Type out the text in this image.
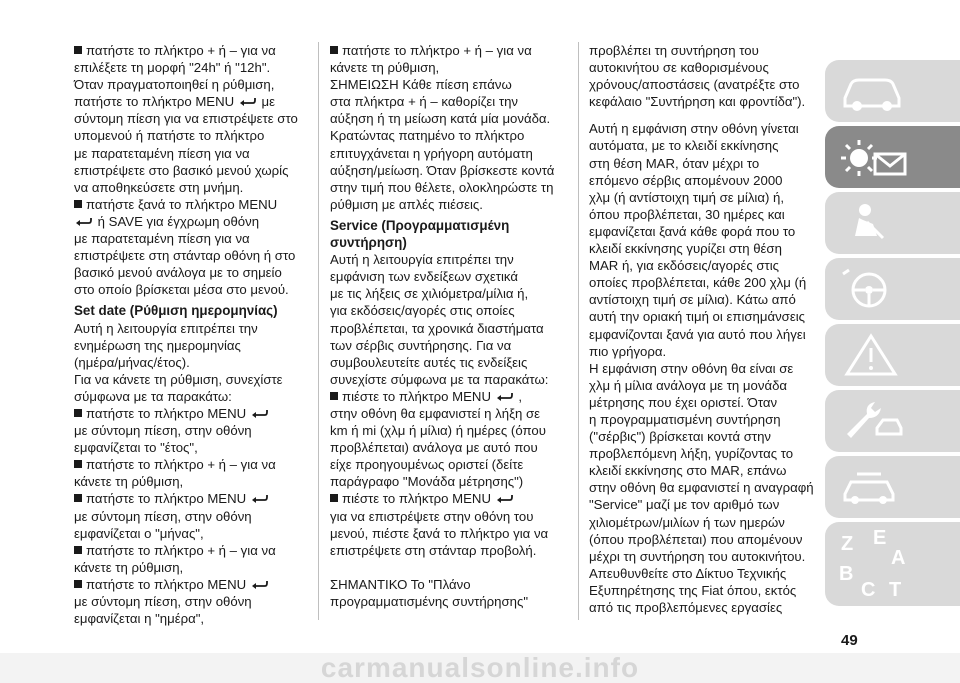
πατήστε το πλήκτρο + ή – για να

επιλέξετε τη μορφή "24h" ή "12h".

Όταν πραγματοποιηθεί η ρύθμιση,

πατήστε το πλήκτρο MENU με

σύντομη πίεση για να επιστρέψετε στο

υπομενού ή πατήστε το πλήκτρο

με παρατεταμένη πίεση για να

επιστρέψετε στο βασικό μενού χωρίς

να αποθηκεύσετε στη μνήμη.

πατήστε ξανά το πλήκτρο MENU

ή SAVE για έγχρωμη οθόνη

με παρατεταμένη πίεση για να

επιστρέψετε στη στάνταρ οθόνη ή στο

βασικό μενού ανάλογα με το σημείο

στο οποίο βρίσκεται μέσα στο μενού.

Set date (Ρύθμιση ημερομηνίας)

Αυτή η λειτουργία επιτρέπει την

ενημέρωση της ημερομηνίας

(ημέρα/μήνας/έτος).

Για να κάνετε τη ρύθμιση, συνεχίστε

σύμφωνα με τα παρακάτω:

πατήστε το πλήκτρο MENU

με σύντομη πίεση, στην οθόνη

εμφανίζεται το "έτος",

πατήστε το πλήκτρο + ή – για να

κάνετε τη ρύθμιση,

πατήστε το πλήκτρο MENU

με σύντομη πίεση, στην οθόνη

εμφανίζεται ο "μήνας",

πατήστε το πλήκτρο + ή – για να

κάνετε τη ρύθμιση,

πατήστε το πλήκτρο MENU

με σύντομη πίεση, στην οθόνη

εμφανίζεται η "ημέρα",

πατήστε το πλήκτρο + ή – για να

κάνετε τη ρύθμιση,

ΣΗΜΕΙΩΣΗ Κάθε πίεση επάνω

στα πλήκτρα + ή – καθορίζει την

αύξηση ή τη μείωση κατά μία μονάδα.

Κρατώντας πατημένο το πλήκτρο

επιτυγχάνεται η γρήγορη αυτόματη

αύξηση/μείωση. Όταν βρίσκεστε κοντά

στην τιμή που θέλετε, ολοκληρώστε τη

ρύθμιση με απλές πιέσεις.

Service (Προγραμματισμένη
συντήρηση)

Αυτή η λειτουργία επιτρέπει την

εμφάνιση των ενδείξεων σχετικά

με τις λήξεις σε χιλιόμετρα/μίλια ή,

για εκδόσεις/αγορές στις οποίες

προβλέπεται, τα χρονικά διαστήματα

των σέρβις συντήρησης. Για να

συμβουλευτείτε αυτές τις ενδείξεις

συνεχίστε σύμφωνα με τα παρακάτω:

πιέστε το πλήκτρο MENU ,

στην οθόνη θα εμφανιστεί η λήξη σε

km ή mi (χλμ ή μίλια) ή ημέρες (όπου

προβλέπεται) ανάλογα με αυτό που

είχε προηγουμένως οριστεί (δείτε

παράγραφο "Μονάδα μέτρησης")

πιέστε το πλήκτρο MENU

για να επιστρέψετε στην οθόνη του

μενού, πιέστε ξανά το πλήκτρο για να

επιστρέψετε στη στάνταρ προβολή.

ΣΗΜΑΝΤΙΚΟ Το "Πλάνο

προγραμματισμένης συντήρησης"

προβλέπει τη συντήρηση του

αυτοκινήτου σε καθορισμένους

χρόνους/αποστάσεις (ανατρέξτε στο

κεφάλαιο "Συντήρηση και φροντίδα").

Αυτή η εμφάνιση στην οθόνη γίνεται

αυτόματα, με το κλειδί εκκίνησης

στη θέση MAR, όταν μέχρι το

επόμενο σέρβις απομένουν 2000

χλμ (ή αντίστοιχη τιμή σε μίλια) ή,

όπου προβλέπεται, 30 ημέρες και

εμφανίζεται ξανά κάθε φορά που το

κλειδί εκκίνησης γυρίζει στη θέση

MAR ή, για εκδόσεις/αγορές στις

οποίες προβλέπεται, κάθε 200 χλμ (ή

αντίστοιχη τιμή σε μίλια). Κάτω από

αυτή την οριακή τιμή οι επισημάνσεις

εμφανίζονται ξανά για αυτό που λήγει

πιο γρήγορα.

Η εμφάνιση στην οθόνη θα είναι σε

χλμ ή μίλια ανάλογα με τη μονάδα

μέτρησης που έχει οριστεί. Όταν

η προγραμματισμένη συντήρηση

("σέρβις") βρίσκεται κοντά στην

προβλεπόμενη λήξη, γυρίζοντας το

κλειδί εκκίνησης στο MAR, επάνω

στην οθόνη θα εμφανιστεί η αναγραφή

"Service" μαζί με τον αριθμό των

χιλιομέτρων/μιλίων ή των ημερών

(όπου προβλέπεται) που απομένουν

μέχρι τη συντήρηση του αυτοκινήτου.

Απευθυνθείτε στο Δίκτυο Τεχνικής

Εξυπηρέτησης της Fiat όπου, εκτός

από τις προβλεπόμενες εργασίες

Z E
A
B
C T
49
carmanualsonline.info
